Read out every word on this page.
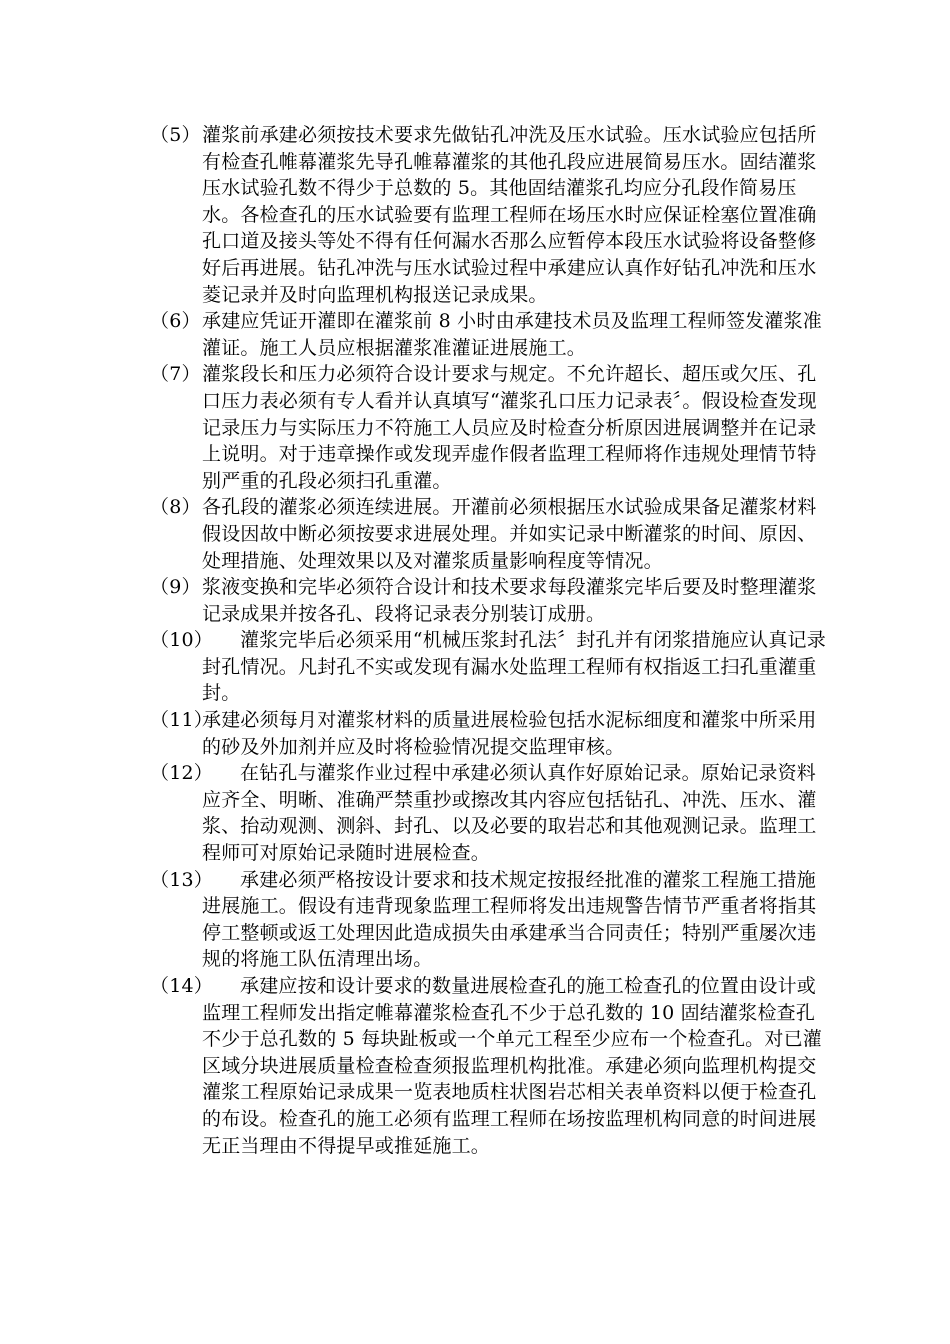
（5） 灌浆前承建必须按技术要求先做钻孔冲洗及压水试验。压水试验应包括所有检查孔帷幕灌浆先导孔帷幕灌浆的其他孔段应进展简易压水。固结灌浆压水试验孔数不得少于总数的 5。其他固结灌浆孔均应分孔段作简易压水。各检查孔的压水试验要有监理工程师在场压水时应保证栓塞位置准确孔口道及接头等处不得有任何漏水否那么应暂停本段压水试验将设备整修好后再进展。钻孔冲洗与压水试验过程中承建应认真作好钻孔冲洗和压水菱记录并及时向监理机构报送记录成果。
（6） 承建应凭证开灌即在灌浆前 8 小时由承建技术员及监理工程师签发灌浆准灌证。施工人员应根据灌浆准灌证进展施工。
（7） 灌浆段长和压力必须符合设计要求与规定。不允许超长、超压或欠压、孔口压力表必须有专人看并认真填写“灌浆孔口压力记录表〞。假设检查发现记录压力与实际压力不符施工人员应及时检查分析原因进展调整并在记录上说明。对于违章操作或发现弄虚作假者监理工程师将作违规处理情节特别严重的孔段必须扫孔重灌。
（8） 各孔段的灌浆必须连续进展。开灌前必须根据压水试验成果备足灌浆材料假设因故中断必须按要求进展处理。并如实记录中断灌浆的时间、原因、处理措施、处理效果以及对灌浆质量影响程度等情况。
（9） 浆液变换和完毕必须符合设计和技术要求每段灌浆完毕后要及时整理灌浆记录成果并按各孔、段将记录表分别装订成册。
（10）	灌浆完毕后必须采用“机械压浆封孔法〞封孔并有闭浆措施应认真记录封孔情况。凡封孔不实或发现有漏水处监理工程师有权指返工扫孔重灌重封。
（11）
承建必须每月对灌浆材料的质量进展检验包括水泥标细度和灌浆中所采用的砂及外加剂并应及时将检验情况提交监理审核。
（12）	在钻孔与灌浆作业过程中承建必须认真作好原始记录。原始记录资料应齐全、明晰、准确严禁重抄或擦改其内容应包括钻孔、冲洗、压水、灌浆、抬动观测、测斜、封孔、以及必要的取岩芯和其他观测记录。监理工程师可对原始记录随时进展检查。
（13）	承建必须严格按设计要求和技术规定按报经批准的灌浆工程施工措施进展施工。假设有违背现象监理工程师将发出违规警告情节严重者将指其停工整顿或返工处理因此造成损失由承建承当合同责任；特别严重屡次违规的将施工队伍清理出场。
（14）	承建应按和设计要求的数量进展检查孔的施工检查孔的位置由设计或监理工程师发出指定帷幕灌浆检查孔不少于总孔数的 10 固结灌浆检查孔不少于总孔数的 5 每块趾板或一个单元工程至少应布一个检查孔。对已灌区域分块进展质量检查检查须报监理机构批准。承建必须向监理机构提交灌浆工程原始记录成果一览表地质柱状图岩芯相关表单资料以便于检查孔的布设。检查孔的施工必须有监理工程师在场按监理机构同意的时间进展无正当理由不得提早或推延施工。
